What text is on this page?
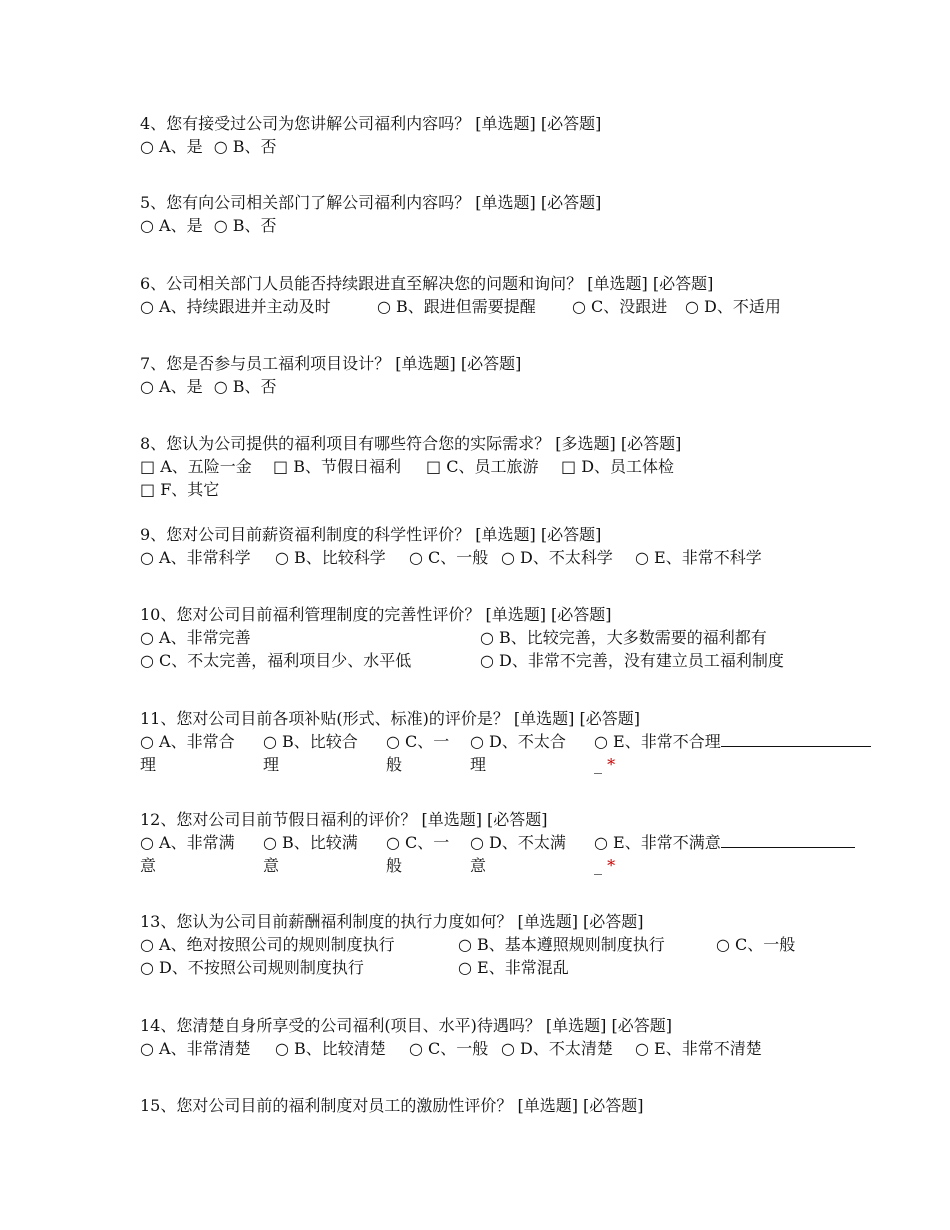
4、您有接受过公司为您讲解公司福利内容吗？ [单选题] [必答题]
○ A、是 ○ B、否
5、您有向公司相关部门了解公司福利内容吗？ [单选题] [必答题]
○ A、是 ○ B、否
6、公司相关部门人员能否持续跟进直至解决您的问题和询问？ [单选题] [必答题]
○ A、持续跟进并主动及时	○ B、跟进但需要提醒 ○ C、没跟进 ○ D、不适用
7、您是否参与员工福利项目设计？ [单选题] [必答题]
○ A、是 ○ B、否
8、您认为公司提供的福利项目有哪些符合您的实际需求？ [多选题] [必答题]
□ A、五险一金 □ B、节假日福利 □ C、员工旅游 □ D、员工体检
□ F、其它
9、您对公司目前薪资福利制度的科学性评价？ [单选题] [必答题]
○ A、非常科学 ○ B、比较科学 ○ C、一般 ○ D、不太科学 ○ E、非常不科学
10、您对公司目前福利管理制度的完善性评价？ [单选题] [必答题]
○ A、非常完善	○ B、比较完善，大多数需要的福利都有
○ C、不太完善，福利项目少、水平低	○ D、非常不完善，没有建立员工福利制度
11、您对公司目前各项补贴(形式、标准)的评价是？ [单选题] [必答题]
○ A、非常合理
○ B、比较合理
○ C、一般
○ D、不太合理
○ E、非常不合理
_ *
12、您对公司目前节假日福利的评价？ [单选题] [必答题]
○ A、非常满意
○ B、比较满意
○ C、一般
○ D、不太满意
○ E、非常不满意
_ *
13、您认为公司目前薪酬福利制度的执行力度如何？ [单选题] [必答题]
○ A、绝对按照公司的规则制度执行	○ B、基本遵照规则制度执行	○ C、一般
○ D、不按照公司规则制度执行	○ E、非常混乱
14、您清楚自身所享受的公司福利(项目、水平)待遇吗？ [单选题] [必答题]
○ A、非常清楚 ○ B、比较清楚 ○ C、一般 ○ D、不太清楚 ○ E、非常不清楚
15、您对公司目前的福利制度对员工的激励性评价？ [单选题] [必答题]
